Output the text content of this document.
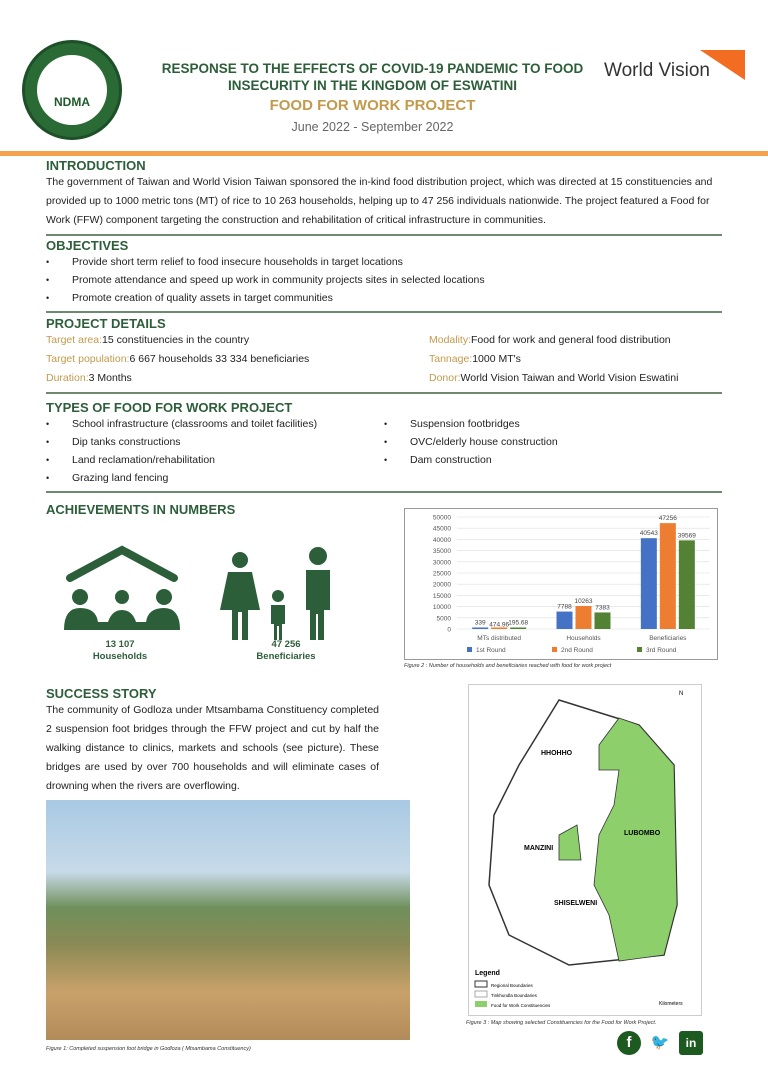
NDMA
RESPONSE TO THE EFFECTS OF COVID-19 PANDEMIC TO FOOD
INSECURITY IN THE KINGDOM OF ESWATINI
FOOD FOR WORK PROJECT
June 2022 - September 2022
World Vision
INTRODUCTION

The government of Taiwan and World Vision Taiwan sponsored the in-kind food distribution project, which was directed at 15 constituencies and provided up to 1000 metric tons (MT) of rice to 10 263 households, helping up to 47 256 individuals nationwide. The project featured a Food for Work (FFW) component targeting the construction and rehabilitation of critical infrastructure in communities.

OBJECTIVES
• Provide short term relief to food insecure households in target locations
• Promote attendance and speed up work in community projects sites in selected locations
• Promote creation of quality assets in target communities
PROJECT DETAILS
Target area: 15 constituencies in the country
Target population: 6 667 households 33 334 beneficiaries
Duration: 3 Months
Modality: Food for work and general food distribution
Tannage: 1000 MT's
Donor: World Vision Taiwan and World Vision Eswatini
TYPES OF FOOD FOR WORK PROJECT
• School infrastructure (classrooms and toilet facilities)
• Dip tanks constructions
• Land reclamation/rehabilitation
• Grazing land fencing
• Suspension footbridges
• OVC/elderly house construction
• Dam construction
ACHIEVEMENTS IN NUMBERS
13 107
Households
47 256
Beneficiaries
0
5000
10000
15000
20000
25000
30000
35000
40000
45000
50000
MTs distributed
339 474.96 195.68
Households
7788
10263
7383
Beneficiaries
40543
47256
39569
1st Round	2nd Round	3rd Round
Figure 2 : Number of households and beneficiaries reached with food for work project
SUCCESS STORY

The community of Godloza under Mtsambama Constituency completed 2 suspension foot bridges through the FFW project and cut by half the walking distance to clinics, markets and schools (see picture). These bridges are used by over 700 households and will eliminate cases of drowning when the rivers are overflowing.

Figure 1: Completed suspension foot bridge in Godloza ( Mtsambama Constituency)
HHOHHO
MANZINI
LUBOMBO
SHISELWENI
N
Legend
Regional Boundaries
Tinkhundla Boundaries
Food for Work Constituencies	Kilometers
Figure 3 : Map showing selected Constituencies for the Food for Work Project.
f	🐦	in
